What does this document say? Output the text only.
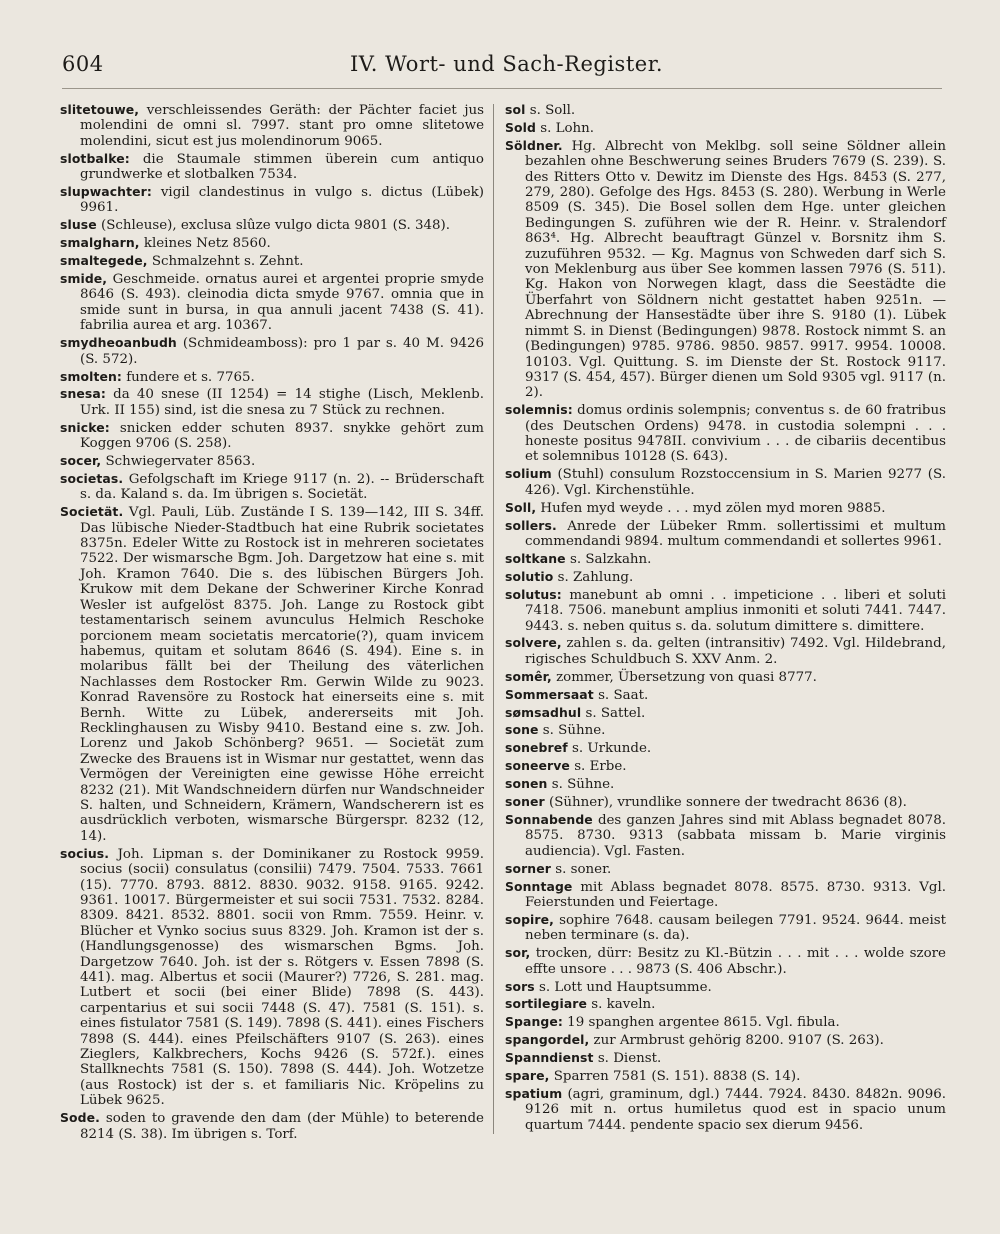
604	IV. Wort- und Sach-Register.

slitetouwe, verschleissendes Geräth: der Pächter faciet jus molendini de omni sl. 7997. stant pro omne slitetowe molendini, sicut est jus molendinorum 9065.

slotbalke: die Staumale stimmen überein cum antiquo grundwerke et slotbalken 7534.

slupwachter: vigil clandestinus in vulgo s. dictus (Lübek) 9961.

sluse (Schleuse), exclusa slûze vulgo dicta 9801 (S. 348).

smalgharn, kleines Netz 8560.

smaltegede, Schmalzehnt s. Zehnt.

smide, Geschmeide. ornatus aurei et argentei proprie smyde 8646 (S. 493). cleinodia dicta smyde 9767. omnia que in smide sunt in bursa, in qua annuli jacent 7438 (S. 41). fabrilia aurea et arg. 10367.

smydheoanbudh (Schmideamboss): pro 1 par s. 40 M. 9426 (S. 572).

smolten: fundere et s. 7765.

snesa: da 40 snese (II 1254) = 14 stighe (Lisch, Meklenb. Urk. II 155) sind, ist die snesa zu 7 Stück zu rechnen.

snicke: snicken edder schuten 8937. snykke gehört zum Koggen 9706 (S. 258).

socer, Schwiegervater 8563.

societas. Gefolgschaft im Kriege 9117 (n. 2). -- Brüderschaft s. da. Kaland s. da. Im übrigen s. Societät.

Societät. Vgl. Pauli, Lüb. Zustände I S. 139—142, III S. 34ff. Das lübische Nieder-Stadtbuch hat eine Rubrik societates 8375n. Edeler Witte zu Rostock ist in mehreren societates 7522. Der wismarsche Bgm. Joh. Dargetzow hat eine s. mit Joh. Kramon 7640. Die s. des lübischen Bürgers Joh. Krukow mit dem Dekane der Schweriner Kirche Konrad Wesler ist aufgelöst 8375. Joh. Lange zu Rostock gibt testamentarisch seinem avunculus Helmich Reschoke porcionem meam societatis mercatorie(?), quam invicem habemus, quitam et solutam 8646 (S. 494). Eine s. in molaribus fällt bei der Theilung des väterlichen Nachlasses dem Rostocker Rm. Gerwin Wilde zu 9023. Konrad Ravensöre zu Rostock hat einerseits eine s. mit Bernh. Witte zu Lübek, andererseits mit Joh. Recklinghausen zu Wisby 9410. Bestand eine s. zw. Joh. Lorenz und Jakob Schönberg? 9651. — Societät zum Zwecke des Brauens ist in Wismar nur gestattet, wenn das Vermögen der Vereinigten eine gewisse Höhe erreicht 8232 (21). Mit Wandschneidern dürfen nur Wandschneider S. halten, und Schneidern, Krämern, Wandscherern ist es ausdrücklich verboten, wismarsche Bürgerspr. 8232 (12, 14).

socius. Joh. Lipman s. der Dominikaner zu Rostock 9959. socius (socii) consulatus (consilii) 7479. 7504. 7533. 7661 (15). 7770. 8793. 8812. 8830. 9032. 9158. 9165. 9242. 9361. 10017. Bürgermeister et sui socii 7531. 7532. 8284. 8309. 8421. 8532. 8801. socii von Rmm. 7559. Heinr. v. Blücher et Vynko socius suus 8329. Joh. Kramon ist der s. (Handlungsgenosse) des wismarschen Bgms. Joh. Dargetzow 7640. Joh. ist der s. Rötgers v. Essen 7898 (S. 441). mag. Albertus et socii (Maurer?) 7726, S. 281. mag. Lutbert et socii (bei einer Blide) 7898 (S. 443). carpentarius et sui socii 7448 (S. 47). 7581 (S. 151). s. eines fistulator 7581 (S. 149). 7898 (S. 441). eines Fischers 7898 (S. 444). eines Pfeilschäfters 9107 (S. 263). eines Zieglers, Kalkbrechers, Kochs 9426 (S. 572f.). eines Stallknechts 7581 (S. 150). 7898 (S. 444). Joh. Wotzetze (aus Rostock) ist der s. et familiaris Nic. Kröpelins zu Lübek 9625.

Sode. soden to gravende den dam (der Mühle) to beterende 8214 (S. 38). Im übrigen s. Torf.

sol s. Soll.

Sold s. Lohn.

Söldner. Hg. Albrecht von Meklbg. soll seine Söldner allein bezahlen ohne Beschwerung seines Bruders 7679 (S. 239). S. des Ritters Otto v. Dewitz im Dienste des Hgs. 8453 (S. 277, 279, 280). Gefolge des Hgs. 8453 (S. 280). Werbung in Werle 8509 (S. 345). Die Bosel sollen dem Hge. unter gleichen Bedingungen S. zuführen wie der R. Heinr. v. Stralendorf 863⁴. Hg. Albrecht beauftragt Günzel v. Borsnitz ihm S. zuzuführen 9532. — Kg. Magnus von Schweden darf sich S. von Meklenburg aus über See kommen lassen 7976 (S. 511). Kg. Hakon von Norwegen klagt, dass die Seestädte die Überfahrt von Söldnern nicht gestattet haben 9251n. — Abrechnung der Hansestädte über ihre S. 9180 (1). Lübek nimmt S. in Dienst (Bedingungen) 9878. Rostock nimmt S. an (Bedingungen) 9785. 9786. 9850. 9857. 9917. 9954. 10008. 10103. Vgl. Quittung. S. im Dienste der St. Rostock 9117. 9317 (S. 454, 457). Bürger dienen um Sold 9305 vgl. 9117 (n. 2).

solemnis: domus ordinis solempnis; conventus s. de 60 fratribus (des Deutschen Ordens) 9478. in custodia solempni . . . honeste positus 9478II. convivium . . . de cibariis decentibus et solemnibus 10128 (S. 643).

solium (Stuhl) consulum Rozstoccensium in S. Marien 9277 (S. 426). Vgl. Kirchenstühle.

Soll, Hufen myd weyde . . . myd zölen myd moren 9885.

sollers. Anrede der Lübeker Rmm. sollertissimi et multum commendandi 9894. multum commendandi et sollertes 9961.

soltkane s. Salzkahn.

solutio s. Zahlung.

solutus: manebunt ab omni . . impeticione . . liberi et soluti 7418. 7506. manebunt amplius inmoniti et soluti 7441. 7447. 9443. s. neben quitus s. da. solutum dimittere s. dimittere.

solvere, zahlen s. da. gelten (intransitiv) 7492. Vgl. Hildebrand, rigisches Schuldbuch S. XXV Anm. 2.

somêr, zommer, Übersetzung von quasi 8777.

Sommersaat s. Saat.

sømsadhul s. Sattel.

sone s. Sühne.

sonebref s. Urkunde.

soneerve s. Erbe.

sonen s. Sühne.

soner (Sühner), vrundlike sonnere der twedracht 8636 (8).

Sonnabende des ganzen Jahres sind mit Ablass begnadet 8078. 8575. 8730. 9313 (sabbata missam b. Marie virginis audiencia). Vgl. Fasten.

sorner s. soner.

Sonntage mit Ablass begnadet 8078. 8575. 8730. 9313. Vgl. Feierstunden und Feiertage.

sopire, sophire 7648. causam beilegen 7791. 9524. 9644. meist neben terminare (s. da).

sor, trocken, dürr: Besitz zu Kl.-Bützin . . . mit . . . wolde szore effte unsore . . . 9873 (S. 406 Abschr.).

sors s. Lott und Hauptsumme.

sortilegiare s. kaveln.

Spange: 19 spanghen argentee 8615. Vgl. fibula.

spangordel, zur Armbrust gehörig 8200. 9107 (S. 263).

Spanndienst s. Dienst.

spare, Sparren 7581 (S. 151). 8838 (S. 14).

spatium (agri, graminum, dgl.) 7444. 7924. 8430. 8482n. 9096. 9126 mit n. ortus humiletus quod est in spacio unum quartum 7444. pendente spacio sex dierum 9456.
